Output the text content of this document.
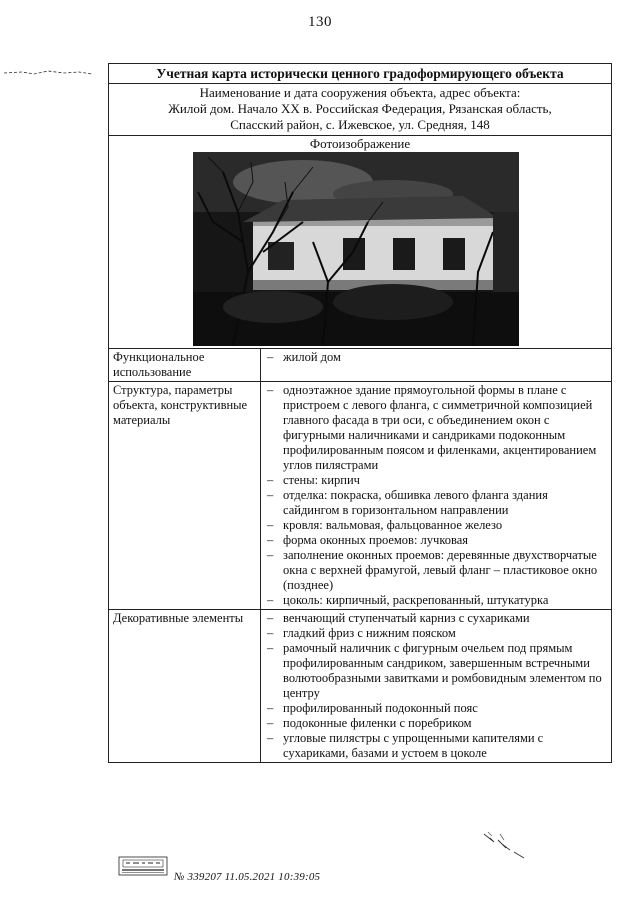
130
Учетная карта исторически ценного градоформирующего объекта
Наименование и дата сооружения объекта, адрес объекта:
Жилой дом. Начало XX в. Российская Федерация, Рязанская область,
Спасский район, с. Ижевское, ул. Средняя, 148
Фотоизображение
Функциональное использование
– жилой дом
Структура, параметры объекта, конструктивные материалы
– одноэтажное здание прямоугольной формы в плане с пристроем с левого фланга, с симметричной композицией главного фасада в три оси, с объединением окон с фигурными наличниками и сандриками подоконным профилированным поясом и филенками, акцентированием углов пилястрами
– стены: кирпич
– отделка: покраска, обшивка левого фланга здания сайдингом в горизонтальном направлении
– кровля: вальмовая, фальцованное железо
– форма оконных проемов: лучковая
– заполнение оконных проемов: деревянные двухстворчатые окна с верхней фрамугой, левый фланг – пластиковое окно (позднее)
– цоколь: кирпичный, раскрепованный, штукатурка
Декоративные элементы	– венчающий ступенчатый карниз с сухариками
– гладкий фриз с нижним пояском
– рамочный наличник с фигурным очельем под прямым профилированным сандриком, завершенным встречными волютообразными завитками и ромбовидным элементом по центру
– профилированный подоконный пояс
– подоконные филенки с поребриком
– угловые пилястры с упрощенными капителями с сухариками, базами и устоем в цоколе
№ 339207 11.05.2021 10:39:05
